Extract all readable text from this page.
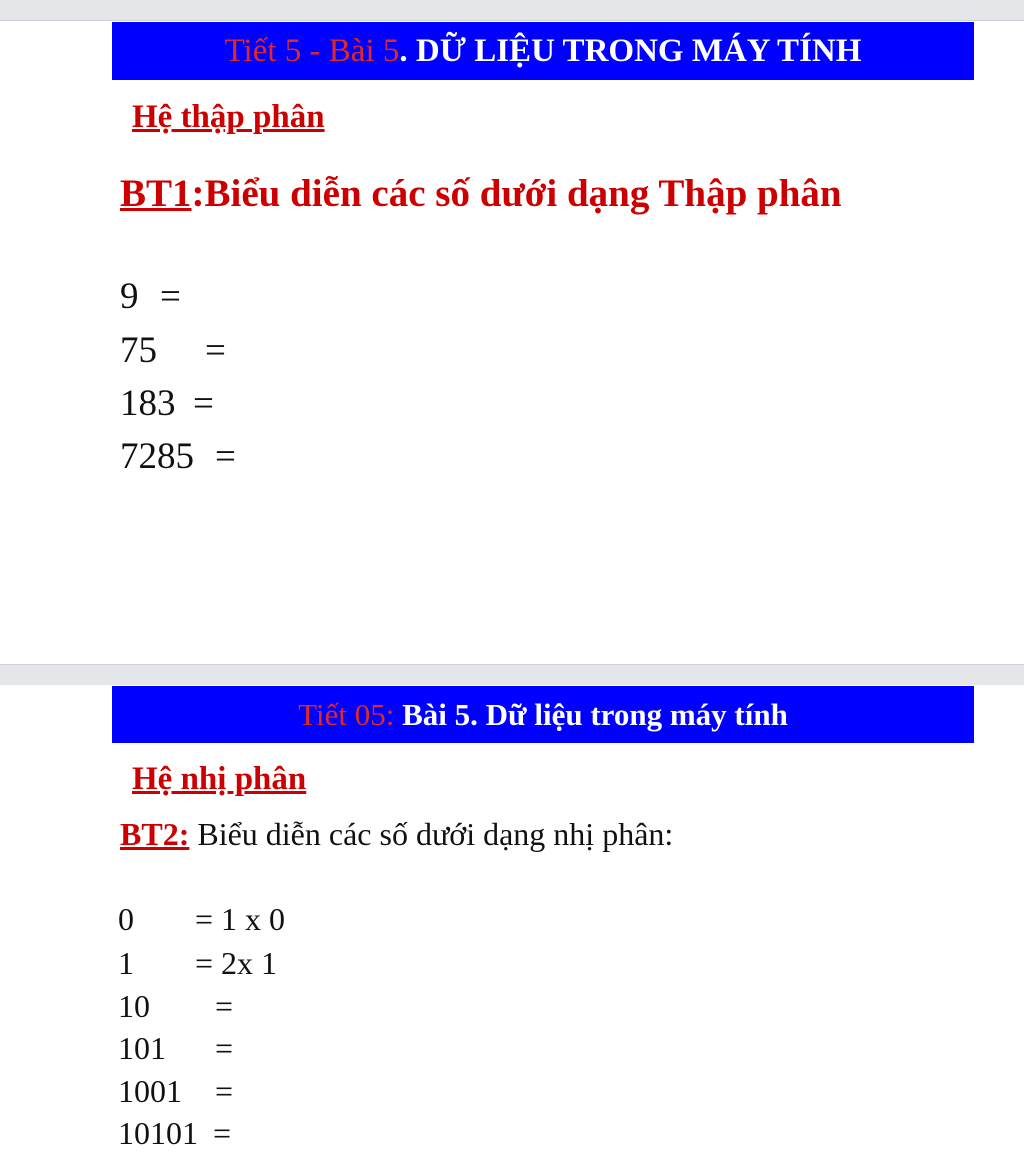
Tiết 5 - Bài 5 . DỮ LIỆU TRONG MÁY TÍNH
Hệ thập phân
BT1:Biểu diễn các số dưới dạng Thập phân
9 =
75 =
183 =
7285 =
Tiết 05: Bài 5. Dữ liệu trong máy tính
Hệ nhị phân
BT2: Biểu diễn các số dưới dạng nhị phân:
0 = 1 x 0
1 = 2x 1
10 =
101 =
1001 =
10101 =
